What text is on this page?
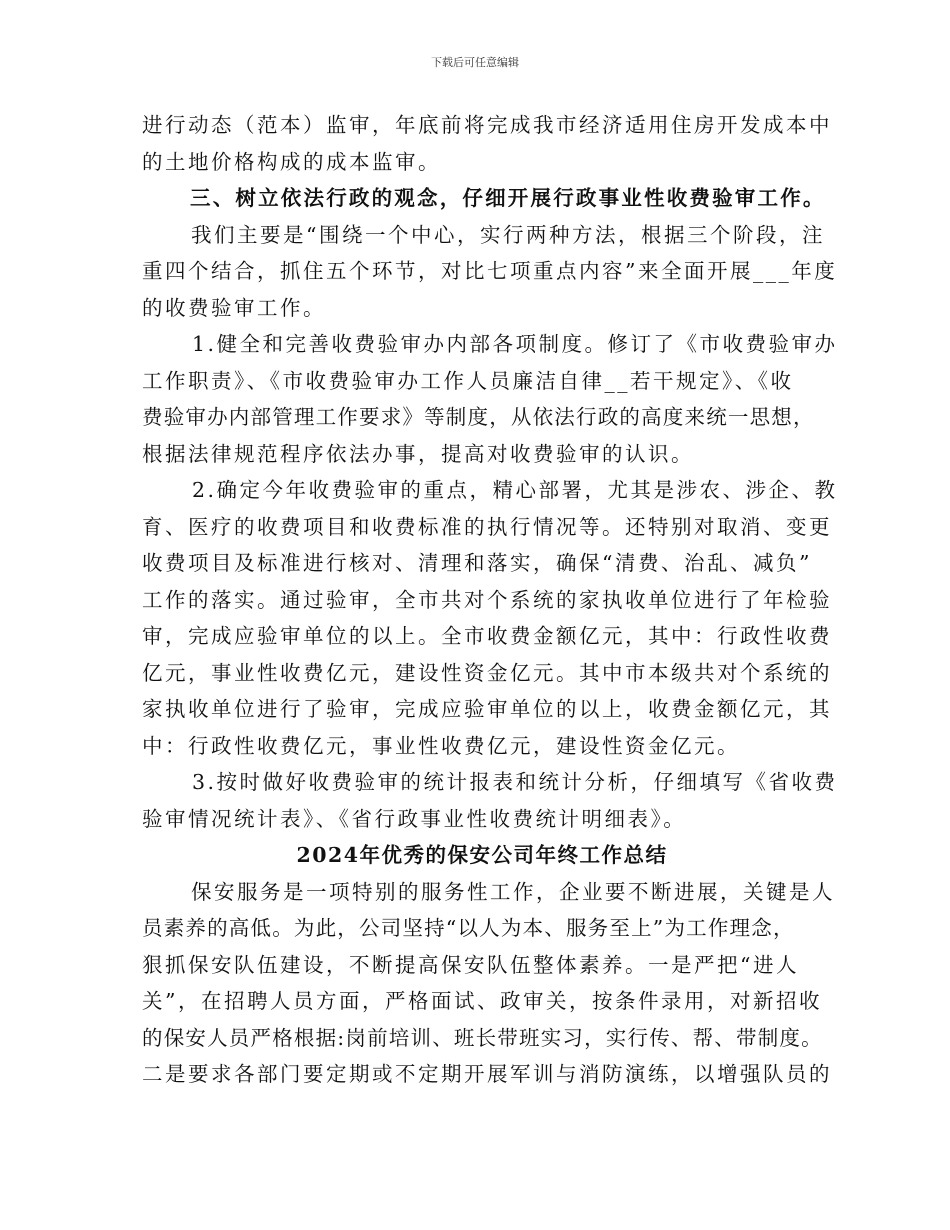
下载后可任意编辑
进行动态（范本）监审，年底前将完成我市经济适用住房开发成本中
的土地价格构成的成本监审。
三、树立依法行政的观念，仔细开展行政事业性收费验审工作。
我们主要是“围绕一个中心，实行两种方法，根据三个阶段，注
重四个结合，抓住五个环节，对比七项重点内容”来全面开展___年度
的收费验审工作。
1.健全和完善收费验审办内部各项制度。修订了《市收费验审办
工作职责》、《市收费验审办工作人员廉洁自律__若干规定》、《收
费验审办内部管理工作要求》等制度，从依法行政的高度来统一思想，
根据法律规范程序依法办事，提高对收费验审的认识。
2.确定今年收费验审的重点，精心部署，尤其是涉农、涉企、教
育、医疗的收费项目和收费标准的执行情况等。还特别对取消、变更
收费项目及标准进行核对、清理和落实，确保“清费、治乱、减负”
工作的落实。通过验审，全市共对个系统的家执收单位进行了年检验
审，完成应验审单位的以上。全市收费金额亿元，其中：行政性收费
亿元，事业性收费亿元，建设性资金亿元。其中市本级共对个系统的
家执收单位进行了验审，完成应验审单位的以上，收费金额亿元，其
中：行政性收费亿元，事业性收费亿元，建设性资金亿元。
3.按时做好收费验审的统计报表和统计分析，仔细填写《省收费
验审情况统计表》、《省行政事业性收费统计明细表》。
2024年优秀的保安公司年终工作总结
保安服务是一项特别的服务性工作，企业要不断进展，关键是人
员素养的高低。为此，公司坚持“以人为本、服务至上”为工作理念，
狠抓保安队伍建设，不断提高保安队伍整体素养。一是严把“进人
关”，在招聘人员方面，严格面试、政审关，按条件录用，对新招收
的保安人员严格根据:岗前培训、班长带班实习，实行传、帮、带制度。
二是要求各部门要定期或不定期开展军训与消防演练，以增强队员的
